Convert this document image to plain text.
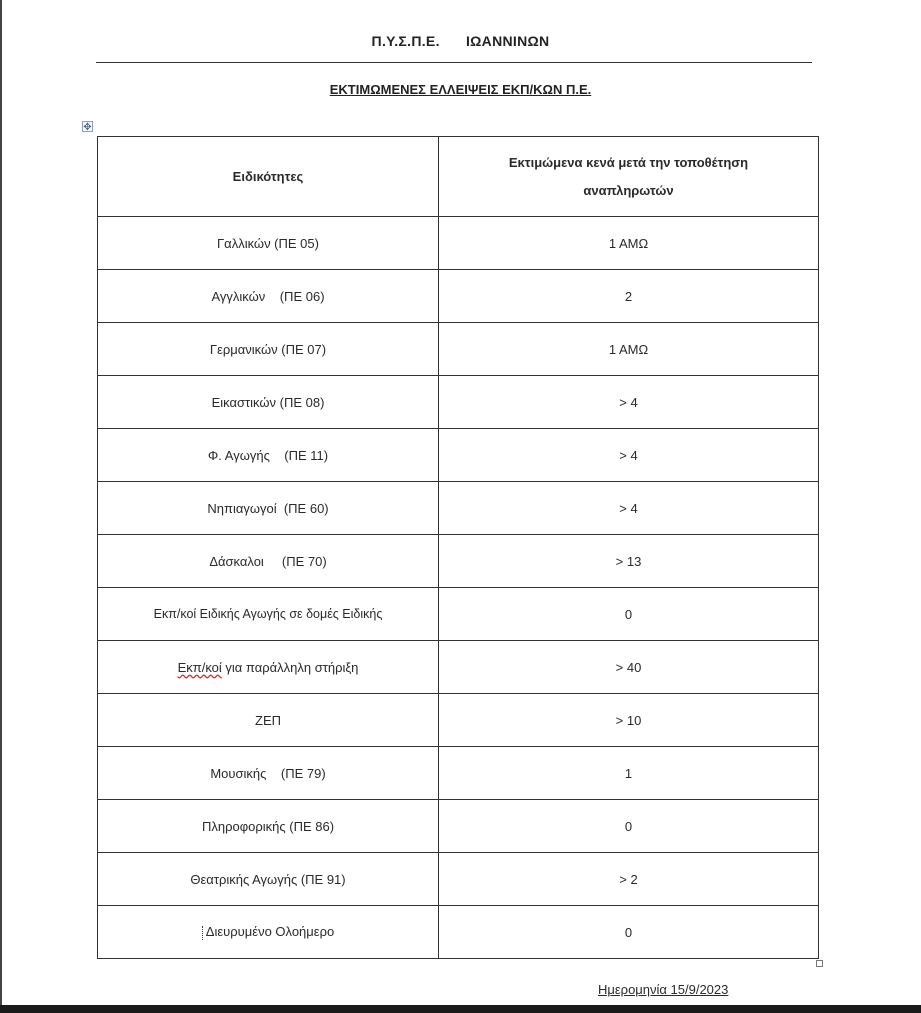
Π.Υ.Σ.Π.Ε. ΙΩΑΝΝΙΝΩΝ
ΕΚΤΙΜΩΜΕΝΕΣ ΕΛΛΕΙΨΕΙΣ ΕΚΠ/ΚΩΝ Π.Ε.
✥
Ειδικότητες	Εκτιμώμενα κενά μετά την τοποθέτηση αναπληρωτών
Γαλλικών (ΠΕ 05)	1 ΑΜΩ
Αγγλικών    (ΠΕ 06)	2
Γερμανικών (ΠΕ 07)	1 ΑΜΩ
Εικαστικών (ΠΕ 08)	> 4
Φ. Αγωγής    (ΠΕ 11)	> 4
Νηπιαγωγοί  (ΠΕ 60)	> 4
Δάσκαλοι     (ΠΕ 70)	> 13
Εκπ/κοί Ειδικής Αγωγής σε δομές Ειδικής	0
Εκπ/κοί για παράλληλη στήριξη	> 40
ΖΕΠ	> 10
Μουσικής    (ΠΕ 79)	1
Πληροφορικής (ΠΕ 86)	0
Θεατρικής Αγωγής (ΠΕ 91)	> 2
Διευρυμένο Ολοήμερο	0
Ημερομηνία 15/9/2023
